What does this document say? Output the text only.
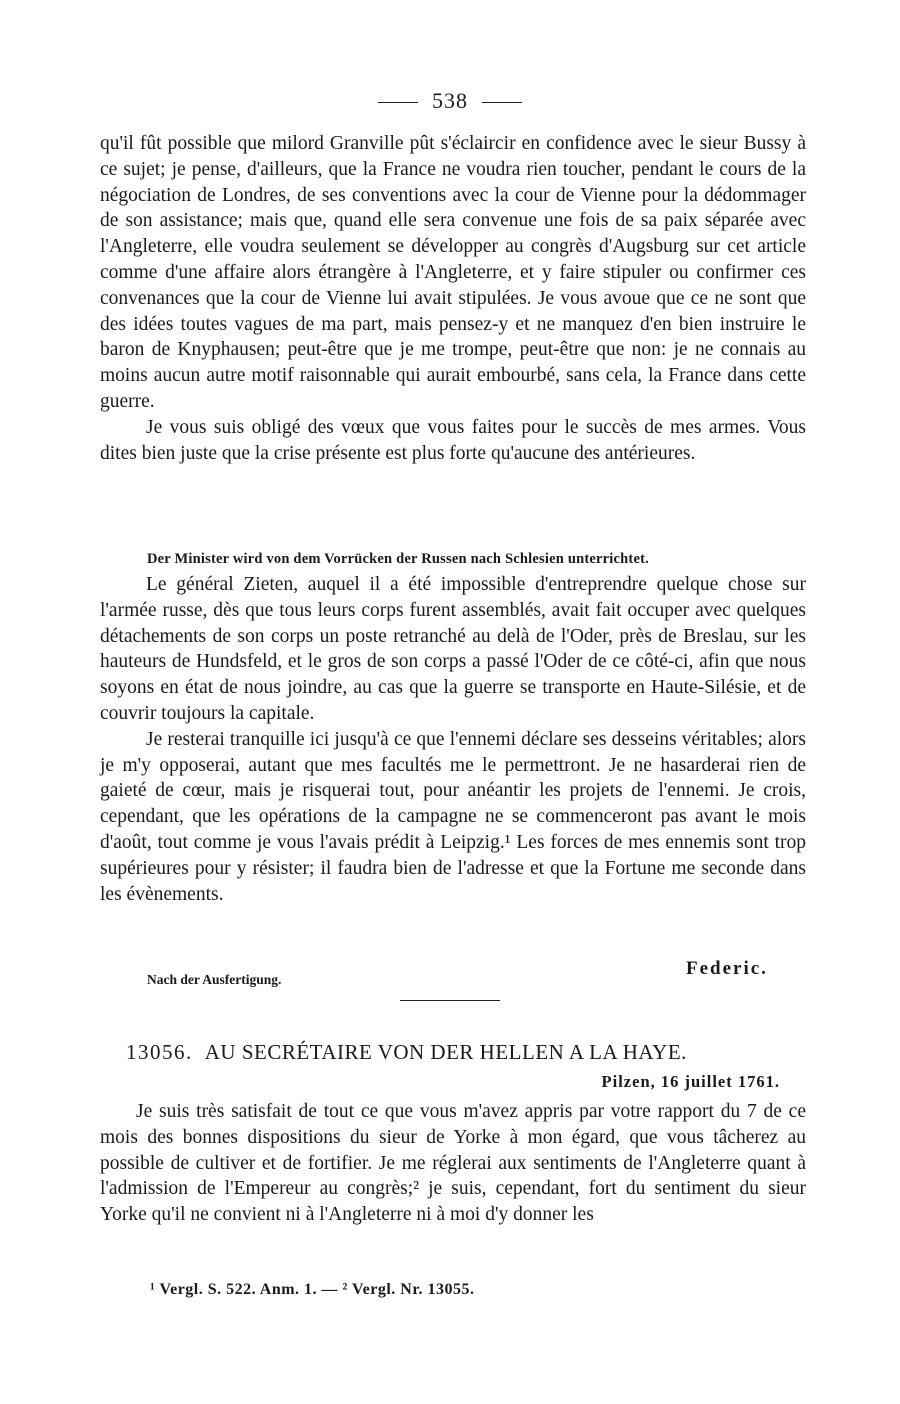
538

qu'il fût possible que milord Granville pût s'éclaircir en confidence avec le sieur Bussy à ce sujet; je pense, d'ailleurs, que la France ne voudra rien toucher, pendant le cours de la négociation de Londres, de ses conventions avec la cour de Vienne pour la dédommager de son assistance; mais que, quand elle sera convenue une fois de sa paix séparée avec l'Angleterre, elle voudra seulement se développer au congrès d'Augsburg sur cet article comme d'une affaire alors étrangère à l'Angleterre, et y faire stipuler ou confirmer ces convenances que la cour de Vienne lui avait stipulées. Je vous avoue que ce ne sont que des idées toutes vagues de ma part, mais pensez-y et ne manquez d'en bien instruire le baron de Knyphausen; peut-être que je me trompe, peut-être que non: je ne connais au moins aucun autre motif raisonnable qui aurait embourbé, sans cela, la France dans cette guerre.

Je vous suis obligé des vœux que vous faites pour le succès de mes armes. Vous dites bien juste que la crise présente est plus forte qu'aucune des antérieures.

Der Minister wird von dem Vorrücken der Russen nach Schlesien unterrichtet.

Le général Zieten, auquel il a été impossible d'entreprendre quelque chose sur l'armée russe, dès que tous leurs corps furent assemblés, avait fait occuper avec quelques détachements de son corps un poste retranché au delà de l'Oder, près de Breslau, sur les hauteurs de Hundsfeld, et le gros de son corps a passé l'Oder de ce côté-ci, afin que nous soyons en état de nous joindre, au cas que la guerre se transporte en Haute-Silésie, et de couvrir toujours la capitale.

Je resterai tranquille ici jusqu'à ce que l'ennemi déclare ses desseins véritables; alors je m'y opposerai, autant que mes facultés me le permettront. Je ne hasarderai rien de gaieté de cœur, mais je risquerai tout, pour anéantir les projets de l'ennemi. Je crois, cependant, que les opérations de la campagne ne se commenceront pas avant le mois d'août, tout comme je vous l'avais prédit à Leipzig.¹ Les forces de mes ennemis sont trop supérieures pour y résister; il faudra bien de l'adresse et que la Fortune me seconde dans les évènements.

Nach der Ausfertigung.
Federic.
13056. AU SECRÉTAIRE VON DER HELLEN A LA HAYE.
Pilzen, 16 juillet 1761.

Je suis très satisfait de tout ce que vous m'avez appris par votre rapport du 7 de ce mois des bonnes dispositions du sieur de Yorke à mon égard, que vous tâcherez au possible de cultiver et de fortifier. Je me réglerai aux sentiments de l'Angleterre quant à l'admission de l'Empereur au congrès;² je suis, cependant, fort du sentiment du sieur Yorke qu'il ne convient ni à l'Angleterre ni à moi d'y donner les

¹ Vergl. S. 522. Anm. 1. — ² Vergl. Nr. 13055.
